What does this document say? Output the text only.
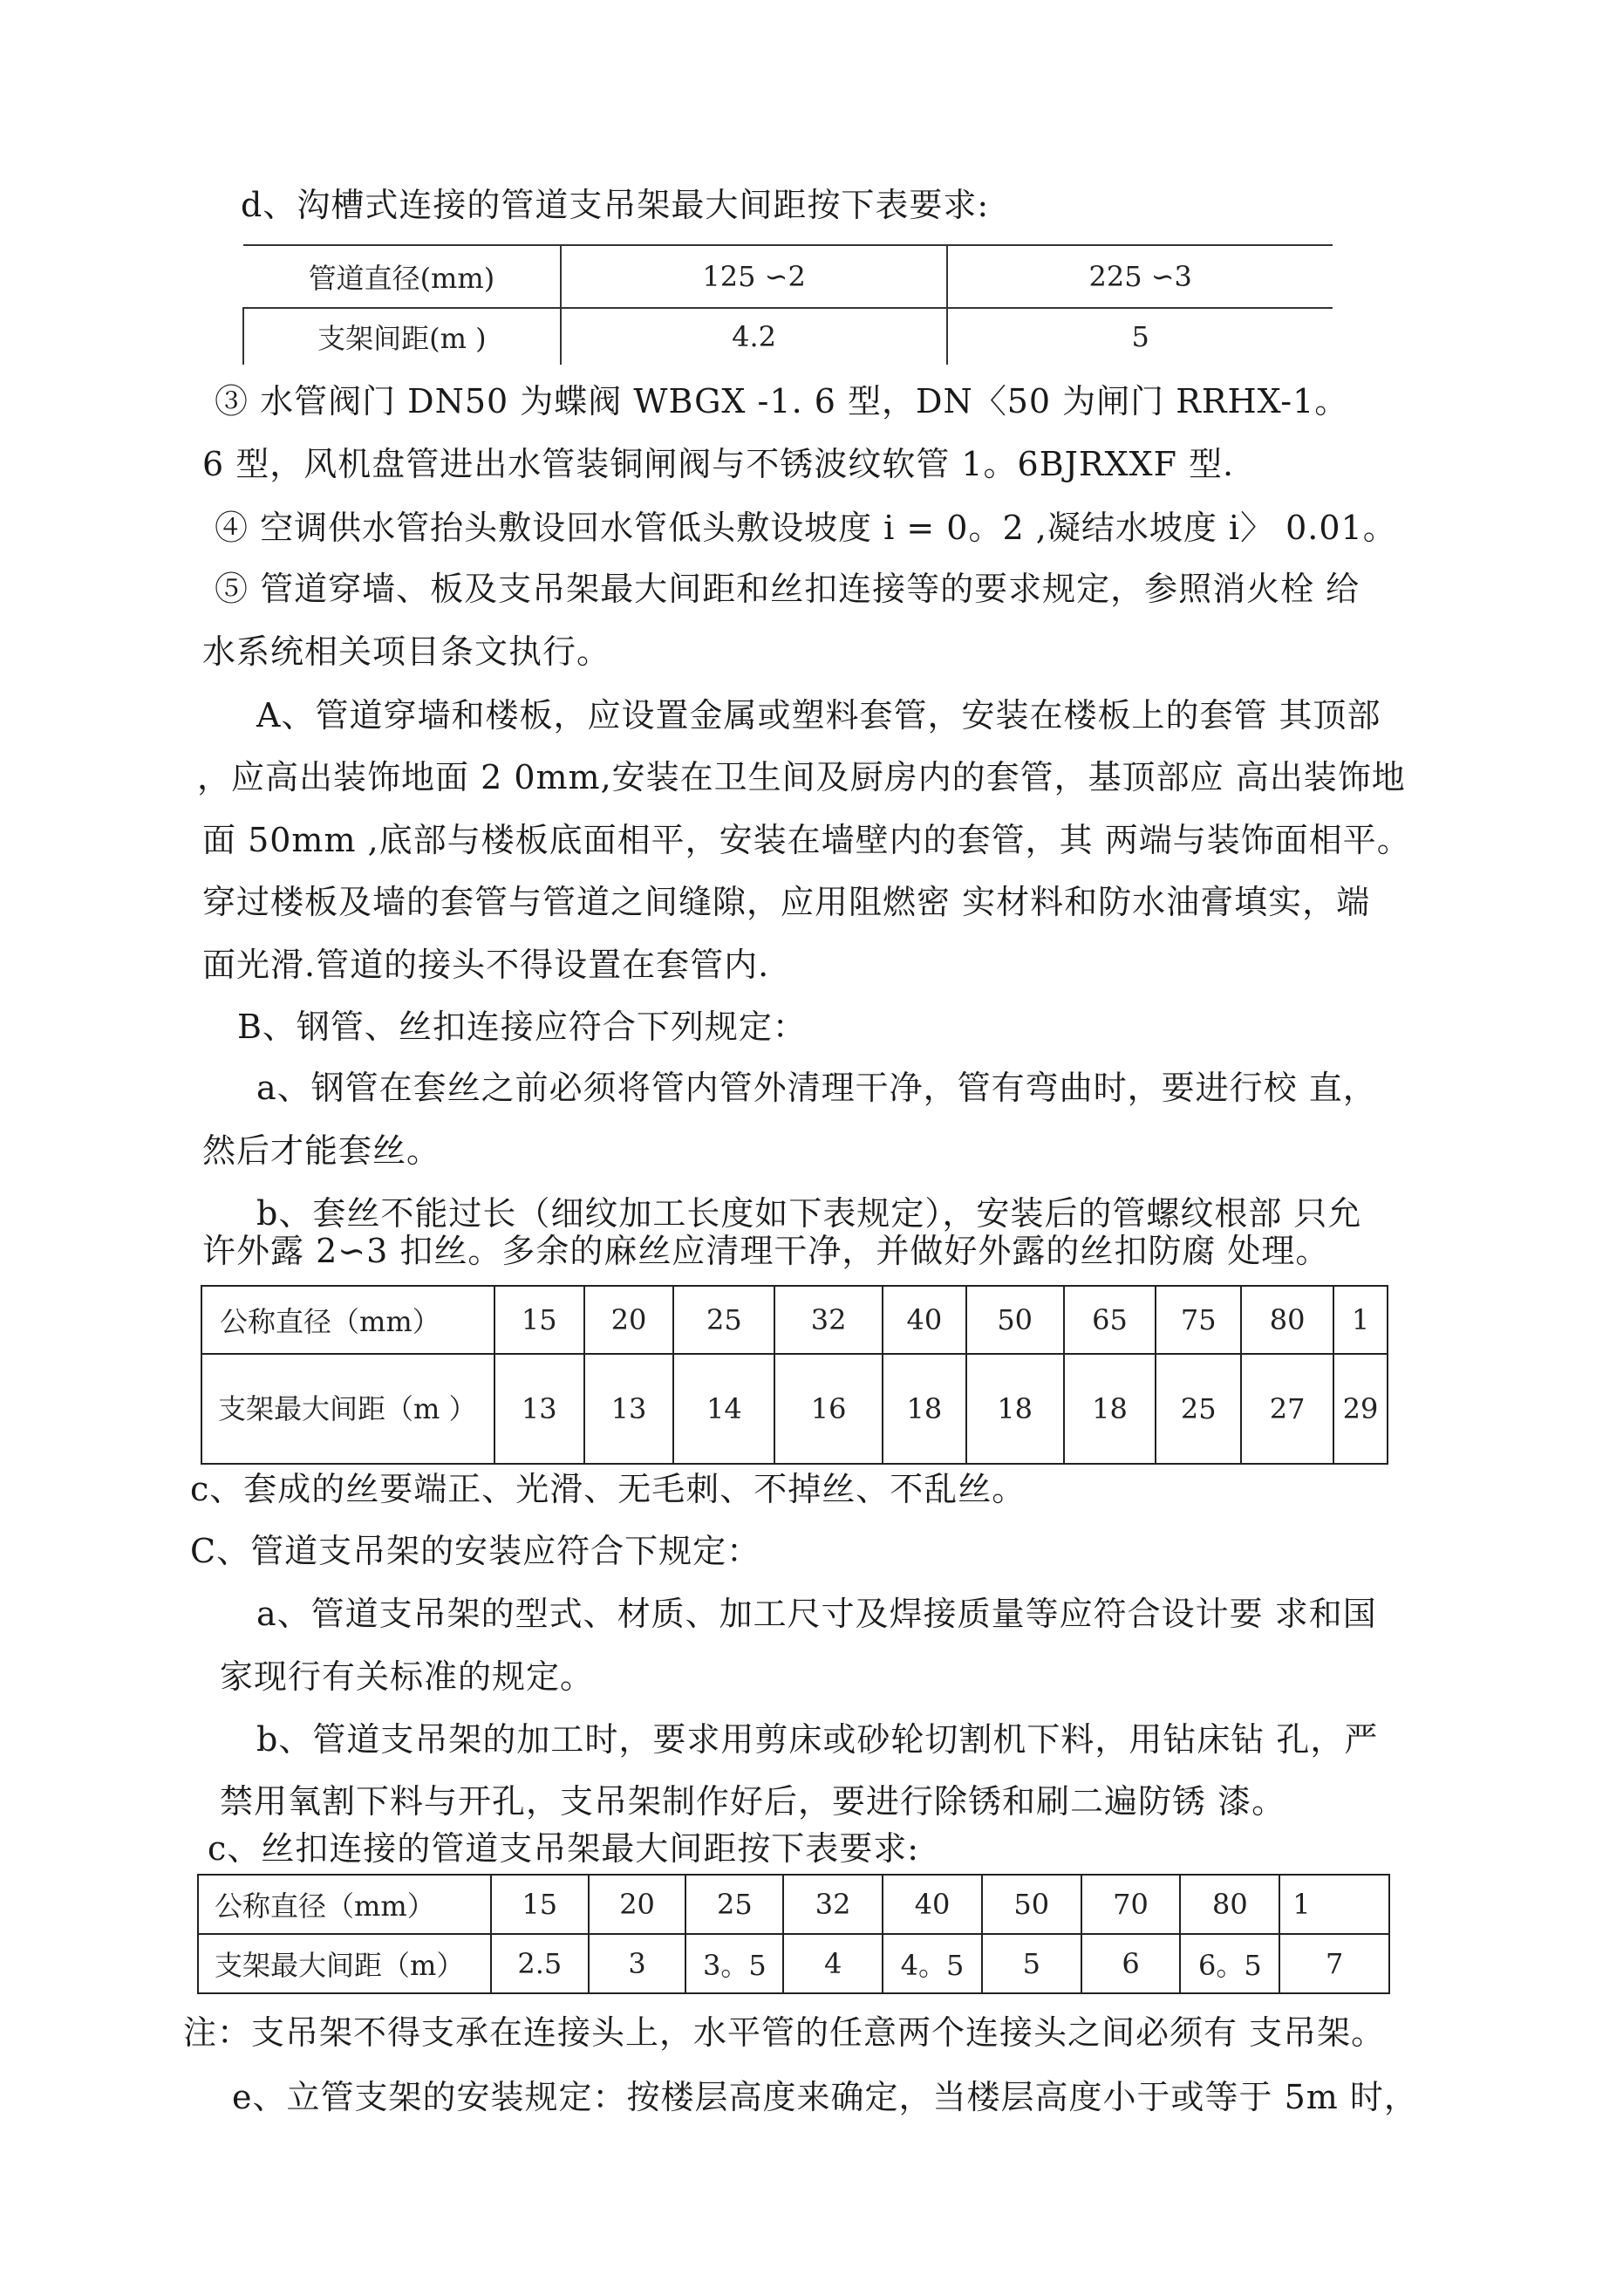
d、沟槽式连接的管道支吊架最大间距按下表要求:
管道直径(mm)	125 ∽2	225 ∽3
支架间距(m )	4.2	5
③ 水管阀门 DN50 为蝶阀 WBGX -1. 6 型，DN〈50 为闸门 RRHX-1。
6 型，风机盘管进出水管装铜闸阀与不锈波纹软管 1。6BJRXXF 型.
④ 空调供水管抬头敷设回水管低头敷设坡度 i = 0。2 ,凝结水坡度 i〉 0.01。
⑤ 管道穿墙、板及支吊架最大间距和丝扣连接等的要求规定，参照消火栓 给
水系统相关项目条文执行。
A、管道穿墙和楼板，应设置金属或塑料套管，安装在楼板上的套管 其顶部
，应高出装饰地面 2 0mm,安装在卫生间及厨房内的套管，基顶部应 高出装饰地
面 50mm ,底部与楼板底面相平，安装在墙壁内的套管，其 两端与装饰面相平。
穿过楼板及墙的套管与管道之间缝隙，应用阻燃密 实材料和防水油膏填实，端
面光滑.管道的接头不得设置在套管内.
B、钢管、丝扣连接应符合下列规定：
a、钢管在套丝之前必须将管内管外清理干净，管有弯曲时，要进行校 直，
然后才能套丝。
b、套丝不能过长（细纹加工长度如下表规定），安装后的管螺纹根部 只允
许外露 2∽3 扣丝。多余的麻丝应清理干净，并做好外露的丝扣防腐 处理。
公称直径（mm）	15	20	25	32	40	50	65	75	80	1
支架最大间距（m ）	13	13	14	16	18	18	18	25	27	29
c、套成的丝要端正、光滑、无毛刺、不掉丝、不乱丝。
C、管道支吊架的安装应符合下规定：
a、管道支吊架的型式、材质、加工尺寸及焊接质量等应符合设计要 求和国
家现行有关标准的规定。
b、管道支吊架的加工时，要求用剪床或砂轮切割机下料，用钻床钻 孔，严
禁用氧割下料与开孔，支吊架制作好后，要进行除锈和刷二遍防锈 漆。
c、丝扣连接的管道支吊架最大间距按下表要求:
公称直径（mm）	15	20	25	32	40	50	70	80	1
支架最大间距（m）	2.5	3	3。5	4	4。5	5	6	6。5	7
注：支吊架不得支承在连接头上，水平管的任意两个连接头之间必须有 支吊架。
e、立管支架的安装规定：按楼层高度来确定，当楼层高度小于或等于 5m 时，
